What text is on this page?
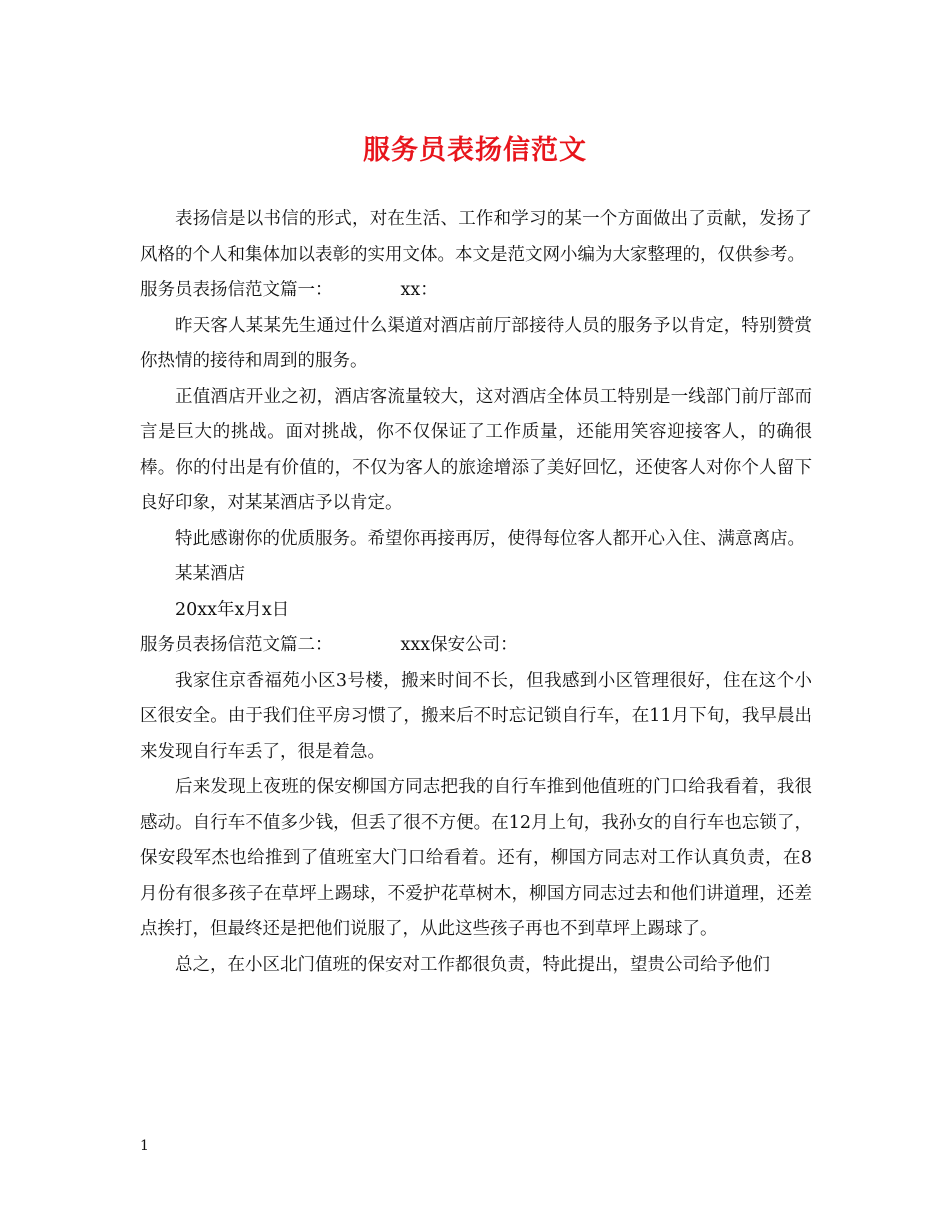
服务员表扬信范文

表扬信是以书信的形式，对在生活、工作和学习的某一个方面做出了贡献，发扬了风格的个人和集体加以表彰的实用文体。本文是范文网小编为大家整理的，仅供参考。

服务员表扬信范文篇一：	xx：

昨天客人某某先生通过什么渠道对酒店前厅部接待人员的服务予以肯定，特别赞赏你热情的接待和周到的服务。

正值酒店开业之初，酒店客流量较大，这对酒店全体员工特别是一线部门前厅部而言是巨大的挑战。面对挑战，你不仅保证了工作质量，还能用笑容迎接客人，的确很棒。你的付出是有价值的，不仅为客人的旅途增添了美好回忆，还使客人对你个人留下良好印象，对某某酒店予以肯定。

特此感谢你的优质服务。希望你再接再厉，使得每位客人都开心入住、满意离店。

某某酒店

20xx年x月x日

服务员表扬信范文篇二：	xxx保安公司：

我家住京香福苑小区3号楼，搬来时间不长，但我感到小区管理很好，住在这个小区很安全。由于我们住平房习惯了，搬来后不时忘记锁自行车，在11月下旬，我早晨出来发现自行车丢了，很是着急。

后来发现上夜班的保安柳国方同志把我的自行车推到他值班的门口给我看着，我很感动。自行车不值多少钱，但丢了很不方便。在12月上旬，我孙女的自行车也忘锁了，保安段军杰也给推到了值班室大门口给看着。还有，柳国方同志对工作认真负责，在8月份有很多孩子在草坪上踢球，不爱护花草树木，柳国方同志过去和他们讲道理，还差点挨打，但最终还是把他们说服了，从此这些孩子再也不到草坪上踢球了。

总之，在小区北门值班的保安对工作都很负责，特此提出，望贵公司给予他们

1
